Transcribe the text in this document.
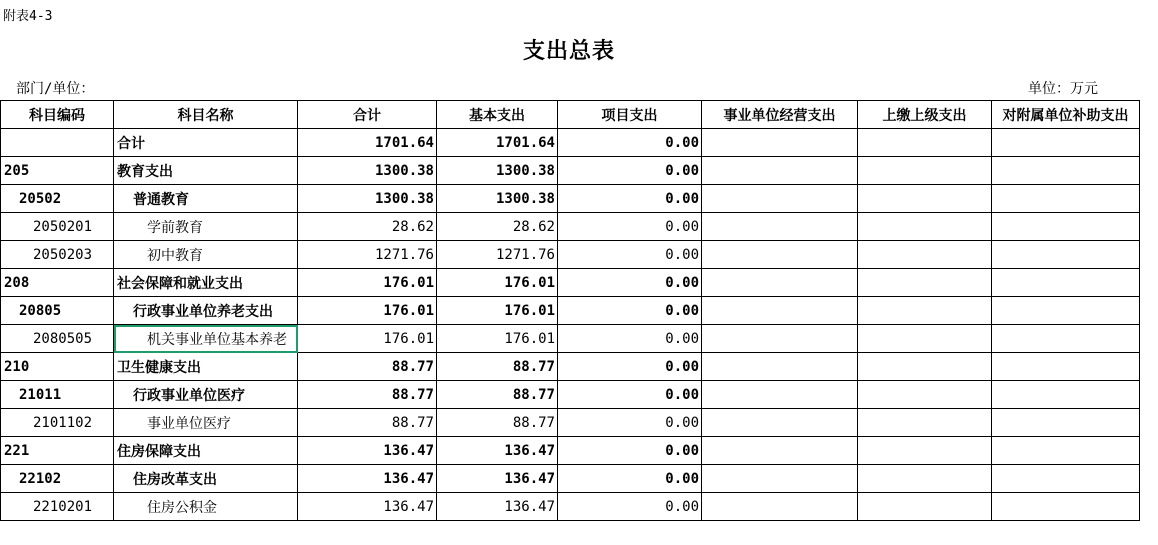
附表4-3
支出总表
部门/单位：	单位：万元
科目编码	科目名称	合计	基本支出	项目支出	事业单位经营支出	上缴上级支出	对附属单位补助支出
	合计	1701.64	1701.64	0.00			
205	教育支出	1300.38	1300.38	0.00			
20502	普通教育	1300.38	1300.38	0.00			
2050201	学前教育	28.62	28.62	0.00			
2050203	初中教育	1271.76	1271.76	0.00			
208	社会保障和就业支出	176.01	176.01	0.00			
20805	行政事业单位养老支出	176.01	176.01	0.00			
2080505	机关事业单位基本养老	176.01	176.01	0.00			
210	卫生健康支出	88.77	88.77	0.00			
21011	行政事业单位医疗	88.77	88.77	0.00			
2101102	事业单位医疗	88.77	88.77	0.00			
221	住房保障支出	136.47	136.47	0.00			
22102	住房改革支出	136.47	136.47	0.00			
2210201	住房公积金	136.47	136.47	0.00			
